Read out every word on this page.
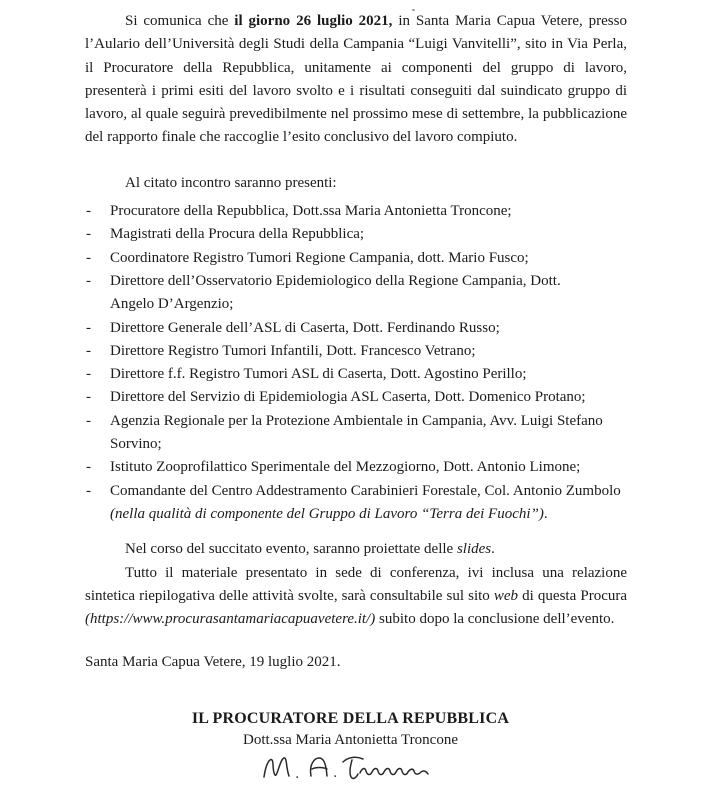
Si comunica che il giorno 26 luglio 2021, in Santa Maria Capua Vetere, presso l’Aulario dell’Università degli Studi della Campania “Luigi Vanvitelli”, sito in Via Perla, il Procuratore della Repubblica, unitamente ai componenti del gruppo di lavoro, presenterà i primi esiti del lavoro svolto e i risultati conseguiti dal suindicato gruppo di lavoro, al quale seguirà prevedibilmente nel prossimo mese di settembre, la pubblicazione del rapporto finale che raccoglie l’esito conclusivo del lavoro compiuto.

Al citato incontro saranno presenti:

- Procuratore della Repubblica, Dott.ssa Maria Antonietta Troncone;
- Magistrati della Procura della Repubblica;
- Coordinatore Registro Tumori Regione Campania, dott. Mario Fusco;
- Direttore dell’Osservatorio Epidemiologico della Regione Campania, Dott. Angelo D’Argenzio;
- Direttore Generale dell’ASL di Caserta, Dott. Ferdinando Russo;
- Direttore Registro Tumori Infantili, Dott. Francesco Vetrano;
- Direttore f.f. Registro Tumori ASL di Caserta, Dott. Agostino Perillo;
- Direttore del Servizio di Epidemiologia ASL Caserta, Dott. Domenico Protano;
- Agenzia Regionale per la Protezione Ambientale in Campania, Avv. Luigi Stefano Sorvino;
- Istituto Zooprofilattico Sperimentale del Mezzogiorno, Dott. Antonio Limone;
- Comandante del Centro Addestramento Carabinieri Forestale, Col. Antonio Zumbolo (nella qualità di componente del Gruppo di Lavoro “Terra dei Fuochi”).

Nel corso del succitato evento, saranno proiettate delle slides.

Tutto il materiale presentato in sede di conferenza, ivi inclusa una relazione sintetica riepilogativa delle attività svolte, sarà consultabile sul sito web di questa Procura (https://www.procurasantamariacapuavetere.it/) subito dopo la conclusione dell’evento.

Santa Maria Capua Vetere, 19 luglio 2021.

IL PROCURATORE DELLA REPUBBLICA
Dott.ssa Maria Antonietta Troncone
